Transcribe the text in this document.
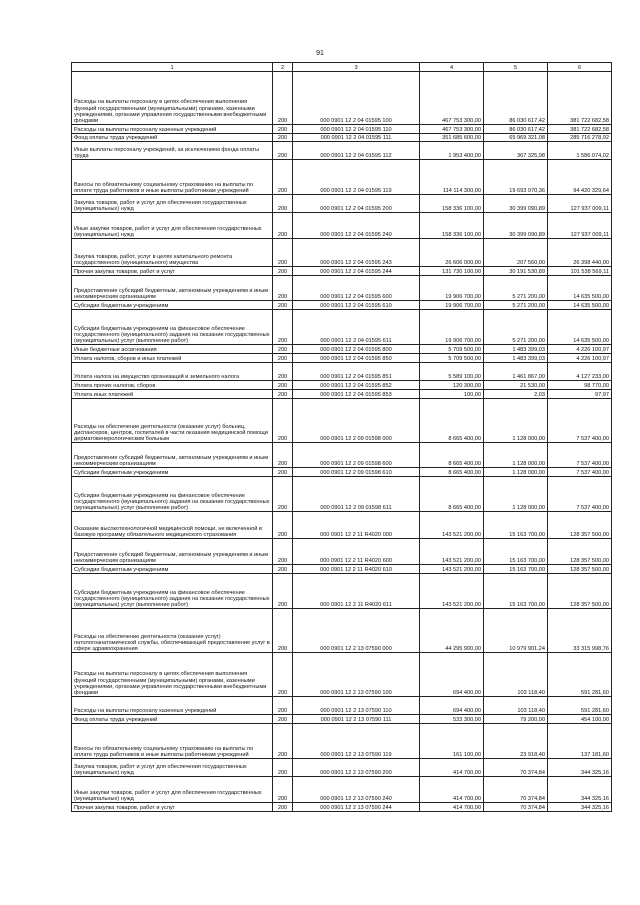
91
1	2	3	4	5	6
Расходы на выплаты персоналу в целях обеспечения выполнения функций государственными (муниципальными) органами, казенными учреждениями, органами управления государственными внебюджетными фондами	200	000 0901 12 2 04 01595 100	467 753 300,00	86 030 617,42	381 722 682,58
Расходы на выплаты персоналу казенных учреждений	200	000 0901 12 2 04 01595 110	467 753 300,00	86 030 617,42	381 722 682,58
Фонд оплаты труда учреждений	200	000 0901 12 2 04 01595 111	351 685 600,00	65 969 321,08	285 716 278,92
Иные выплаты персоналу учреждений, за исключением фонда оплаты труда	200	000 0901 12 2 04 01595 112	1 953 400,00	367 325,98	1 586 074,02
Взносы по обязательному социальному страхованию на выплаты по оплате труда работников и иные выплаты работникам учреждений	200	000 0901 12 2 04 01595 119	114 114 300,00	19 693 970,36	94 420 329,64
Закупка товаров, работ и услуг для обеспечения государственных (муниципальных) нужд	200	000 0901 12 2 04 01595 200	158 336 100,00	30 399 090,89	127 937 009,11
Иные закупки товаров, работ и услуг для обеспечения государственных (муниципальных) нужд	200	000 0901 12 2 04 01595 240	158 336 100,00	30 399 090,89	127 937 009,11
Закупка товаров, работ, услуг в целях капитального ремонта государственного (муниципального) имущества	200	000 0901 12 2 04 01595 243	26 606 000,00	207 560,00	26 398 440,00
Прочая закупка товаров, работ и услуг	200	000 0901 12 2 04 01595 244	131 730 100,00	30 191 530,89	101 538 569,11
Предоставление субсидий бюджетным, автономным учреждениям и иным некоммерческим организациям	200	000 0901 12 2 04 01595 600	19 906 700,00	5 271 200,00	14 635 500,00
Субсидии бюджетным учреждениям	200	000 0901 12 2 04 01595 610	19 906 700,00	5 271 200,00	14 635 500,00
Субсидии бюджетным учреждениям на финансовое обеспечение государственного (муниципального) задания на оказание государственных (муниципальных) услуг (выполнение работ)	200	000 0901 12 2 04 01595 611	19 906 700,00	5 271 200,00	14 635 500,00
Иные бюджетные ассигнования	200	000 0901 12 2 04 01595 800	5 709 500,00	1 483 399,03	4 226 100,97
Уплата налогов, сборов и иных платежей	200	000 0901 12 2 04 01595 850	5 709 500,00	1 483 399,03	4 226 100,97
Уплата налога на имущество организаций и земельного налога	200	000 0901 12 2 04 01595 851	5 589 100,00	1 461 867,00	4 127 233,00
Уплата прочих налогов, сборов	200	000 0901 12 2 04 01595 852	120 300,00	21 530,00	98 770,00
Уплата иных платежей	200	000 0901 12 2 04 01595 853	100,00	2,03	97,97
Расходы на обеспечение деятельности (оказание услуг) больниц, диспансеров, центров, госпиталей в части оказания медицинской помощи дерматовенерологическим больным	200	000 0901 12 2 09 01598 000	8 665 400,00	1 128 000,00	7 537 400,00
Предоставление субсидий бюджетным, автономным учреждениям и иным некоммерческим организациям	200	000 0901 12 2 09 01598 600	8 665 400,00	1 128 000,00	7 537 400,00
Субсидии бюджетным учреждениям	200	000 0901 12 2 09 01598 610	8 665 400,00	1 128 000,00	7 537 400,00
Субсидии бюджетным учреждениям на финансовое обеспечение государственного (муниципального) задания на оказание государственных (муниципальных) услуг (выполнение работ)	200	000 0901 12 2 09 01598 611	8 665 400,00	1 128 000,00	7 537 400,00
Оказание высокотехнологичной медицинской помощи, не включенной в базовую программу обязательного медицинского страхования	200	000 0901 12 2 11 R4020 000	143 521 200,00	15 163 700,00	128 357 500,00
Предоставление субсидий бюджетным, автономным учреждениям и иным некоммерческим организациям	200	000 0901 12 2 11 R4020 600	143 521 200,00	15 163 700,00	128 357 500,00
Субсидии бюджетным учреждениям	200	000 0901 12 2 11 R4020 610	143 521 200,00	15 163 700,00	128 357 500,00
Субсидии бюджетным учреждениям на финансовое обеспечение государственного (муниципального) задания на оказание государственных (муниципальных) услуг (выполнение работ)	200	000 0901 12 2 11 R4020 611	143 521 200,00	15 163 700,00	128 357 500,00
Расходы на обеспечение деятельности (оказание услуг) патологоанатомической службы, обеспечивающей предоставление услуг в сфере здравоохранения	200	000 0901 12 2 13 07590 000	44 295 900,00	10 979 901,24	33 315 998,76
Расходы на выплаты персоналу в целях обеспечения выполнения функций государственными (муниципальными) органами, казенными учреждениями, органами управления государственными внебюджетными фондами	200	000 0901 12 2 13 07590 100	694 400,00	103 118,40	591 281,60
Расходы на выплаты персоналу казенных учреждений	200	000 0901 12 2 13 07590 110	694 400,00	103 118,40	591 281,60
Фонд оплаты труда учреждений	200	000 0901 12 2 13 07590 111	533 300,00	79 200,00	454 100,00
Взносы по обязательному социальному страхованию на выплаты по оплате труда работников и иные выплаты работникам учреждений	200	000 0901 12 2 13 07590 119	161 100,00	23 918,40	137 181,60
Закупка товаров, работ и услуг для обеспечения государственных (муниципальных) нужд	200	000 0901 12 2 13 07590 200	414 700,00	70 374,84	344 325,16
Иные закупки товаров, работ и услуг для обеспечения государственных (муниципальных) нужд	200	000 0901 12 2 13 07590 240	414 700,00	70 374,84	344 325,16
Прочая закупка товаров, работ и услуг	200	000 0901 12 2 13 07590 244	414 700,00	70 374,84	344 325,16
